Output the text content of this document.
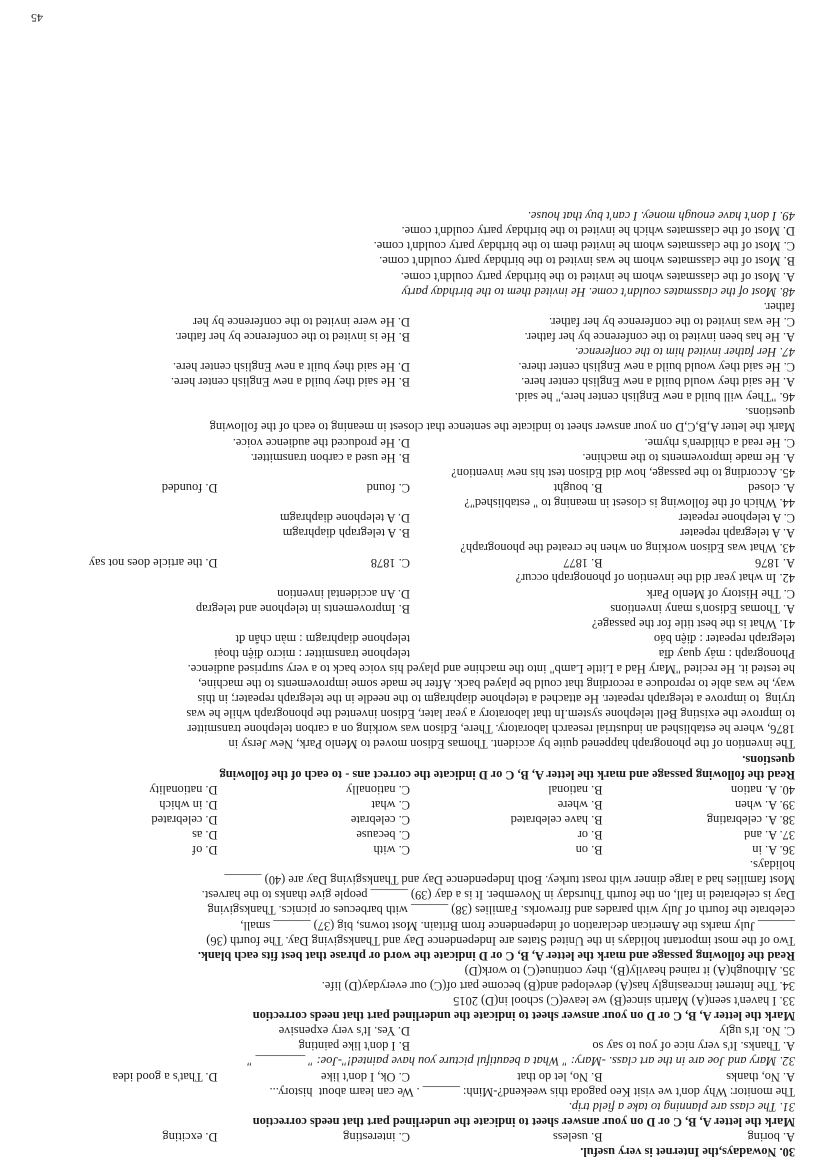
30. Nowadays,the Internet is very useful.
A. boring
B. useless
C. interesting
D. exciting
Mark the letter A, B, C or D on your answer sheet to indicate the underlined part that needs correction
31. The class are planning to take a field trip.
The monitor: Why don't we visit Keo pagoda this weekend?-Minh: ______ . We can learn about  history...
A. No, thanks
B. No, let do that
C. Ok, I don't like
D. That's a good idea
32. Mary and Joe are in the art class. -Mary: " What a beautiful picture you have painted!"-Joe: " ________ "
A. Thanks. It's very nice of you to say so
B. I don't like painting
C. No. It's ugly
D. Yes. It's very expensive
Mark the letter A, B, C or D on your answer sheet to indicate the underlined part that needs correction
33. I haven't seen(A) Martin since(B) we leave(C) school in(D) 2015
34. The Internet increasingly has(A) developed and(B) become part of(C) our everyday(D) life.
35. Although(A) it rained heavily(B), they continue(C) to work(D)
Read the following passage and mark the letter A, B, C or D indicate the word or phrase that best fits each blank.
Two of the most important holidays in the United States are Independence Day and Thanksgiving Day. The fourth (36)
______ July marks the American declaration of independence from Britain. Most towns, big (37) ______ small,
celebrate the fourth of July with parades and fireworks. Families (38) ______ with barbecues or picnics. Thanksgiving
Day is celebrated in fall, on the fourth Thursday in November. It is a day (39) ______ people give thanks to the harvest.
Most families had a large dinner with roast turkey. Both Independence Day and Thanksgiving Day are (40) ______
holidays.
36. A. in
B. on
C. with
D. of
37. A. and
B. or
C. because
D. as
38. A. celebrating
B. have celebrated
C. celebrate
D. celebrated
39. A. when
B. where
C. what
D. in which
40. A. nation
B. national
C. nationally
D. nationality
Read the following passage and mark the letter A, B, C or D indicate the correct ans - to each of the following
questions.
The invention of the phonograph happened quite by accident. Thomas Edison moved to Menlo Park, New Jersy in
1876, where he established an industrial research laboratory. There, Edison was working on a carbon telephone transmitter
to improve the existing Bell telephone system.In that laboratory a year later, Edison invented the phonograph while he was
trying  to improve a telegraph repeater. He attached a telephone diaphragm to the needle in the telegraph repeater; in this
way, he was able to reproduce a recording that could be played back. After he made some improvements to the machine,
he tested it. He recited "Mary Had a Little Lamb" into the machine and played his voice back to a very surprised audience.
Phonograph : máy quay đĩa
telephone transmitter : micro điện thoại
telegraph repeater : điện báo
telephone diaphragm : màn chắn đt
41. What is the best title for the passage?
A. Thomas Edison's many inventions
B. Improvements in telephone and telegrap
C. The History of Menlo Park
D. An accidental invention
42. In what year did the invention of phonograph occur?
A. 1876
B. 1877
C. 1878
D. the article does not say
43. What was Edison working on when he created the phonograph?
A. A telegraph repeater
B. A telegraph diaphragm
C. A telephone repeater
D. A telephone diaphragm
44. Which of the following is closest in meaning to " established"?
A. closed
B. bought
C. found
D. founded
45. According to the passage, how did Edison test his new invention?
A. He made improvements to the machine.
B. He used a carbon transmitter.
C. He read a children's rhyme.
D. He produced the audience voice.
Mark the letter A,B,C,D on your answer sheet to indicate the sentence that closest in meaning to each of the following
questions.
46. "They will build a new English center here," he said.
A. He said they would build a new English center here.
B. He said they build a new English center here.
C. He said they would build a new English center there.
D. He said they built a new English center here.
47. Her father invited him to the conference.
A. He has been invited to the conference by her father.
B. He is invited to the conference by her father.
C. He was invited to the conference by her father.
D. He were invited to the conference by her
father.
48. Most of the classmates couldn't come. He invited them to the birthday party
A. Most of the classmates whom he invited to the birthday party couldn't come.
B. Most of the classmates whom he was invited to the birthday party couldn't come.
C. Most of the classmates whom he invited them to the birthday party couldn't come.
D. Most of the classmates which he invited to the birthday party couldn't come.
49. I don't have enough money. I can't buy that house.
45
